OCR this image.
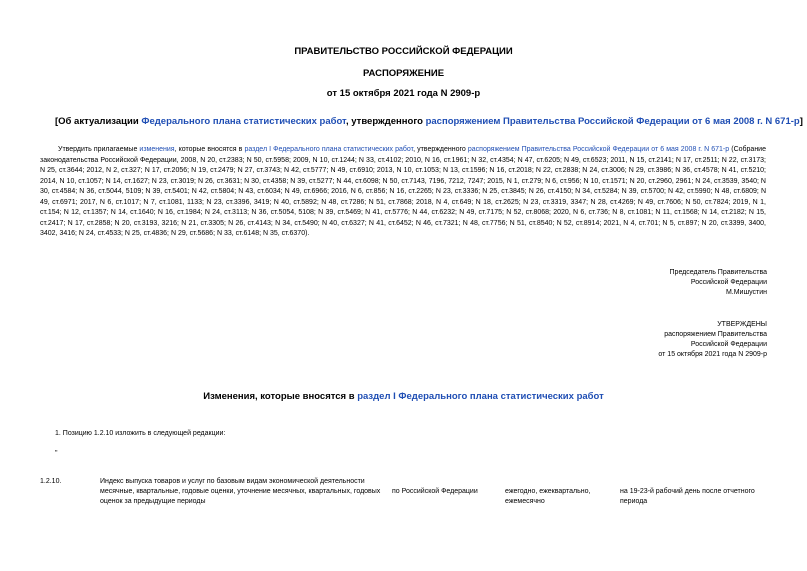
ПРАВИТЕЛЬСТВО РОССИЙСКОЙ ФЕДЕРАЦИИ
РАСПОРЯЖЕНИЕ
от 15 октября 2021 года N 2909-р
[Об актуализации Федерального плана статистических работ, утвержденного распоряжением Правительства Российской Федерации от 6 мая 2008 г. N 671-р]
Утвердить прилагаемые изменения, которые вносятся в раздел I Федерального плана статистических работ, утвержденного распоряжением Правительства Российской Федерации от 6 мая 2008 г. N 671-р (Собрание законодательства Российской Федерации, 2008, N 20, ст.2383; N 50, ст.5958; 2009, N 10, ст.1244; N 33, ст.4102; 2010, N 16, ст.1961; N 32, ст.4354; N 47, ст.6205; N 49, ст.6523; 2011, N 15, ст.2141; N 17, ст.2511; N 22, ст.3173; N 25, ст.3644; 2012, N 2, ст.327; N 17, ст.2056; N 19, ст.2479; N 27, ст.3743; N 42, ст.5777; N 49, ст.6910; 2013, N 10, ст.1053; N 13, ст.1596; N 16, ст.2018; N 22, ст.2838; N 24, ст.3006; N 29, ст.3986; N 36, ст.4578; N 41, ст.5210; 2014, N 10, ст.1057; N 14, ст.1627; N 23, ст.3019; N 26, ст.3631; N 30, ст.4358; N 39, ст.5277; N 44, ст.6098; N 50, ст.7143, 7196, 7212, 7247; 2015, N 1, ст.279; N 6, ст.956; N 10, ст.1571; N 20, ст.2960, 2961; N 24, ст.3539, 3540; N 30, ст.4584; N 36, ст.5044, 5109; N 39, ст.5401; N 42, ст.5804; N 43, ст.6034; N 49, ст.6966; 2016, N 6, ст.856; N 16, ст.2265; N 23, ст.3336; N 25, ст.3845; N 26, ст.4150; N 34, ст.5284; N 39, ст.5700; N 42, ст.5990; N 48, ст.6809; N 49, ст.6971; 2017, N 6, ст.1017; N 7, ст.1081, 1133; N 23, ст.3396, 3419; N 40, ст.5892; N 48, ст.7286; N 51, ст.7868; 2018, N 4, ст.649; N 18, ст.2625; N 23, ст.3319, 3347; N 28, ст.4269; N 49, ст.7606; N 50, ст.7824; 2019, N 1, ст.154; N 12, ст.1357; N 14, ст.1640; N 16, ст.1984; N 24, ст.3113; N 36, ст.5054, 5108; N 39, ст.5469; N 41, ст.5776; N 44, ст.6232; N 49, ст.7175; N 52, ст.8068; 2020, N 6, ст.736; N 8, ст.1081; N 11, ст.1568; N 14, ст.2182; N 15, ст.2417; N 17, ст.2858; N 20, ст.3193, 3216; N 21, ст.3305; N 26, ст.4143; N 34, ст.5490; N 40, ст.6327; N 41, ст.6452; N 46, ст.7321; N 48, ст.7756; N 51, ст.8540; N 52, ст.8914; 2021, N 4, ст.701; N 5, ст.897; N 20, ст.3399, 3400, 3402, 3416; N 24, ст.4533; N 25, ст.4836; N 29, ст.5686; N 33, ст.6148; N 35, ст.6370).
Председатель Правительства
Российской Федерации
М.Мишустин
УТВЕРЖДЕНЫ
распоряжением Правительства
Российской Федерации
от 15 октября 2021 года N 2909-р
Изменения, которые вносятся в раздел I Федерального плана статистических работ
1. Позицию 1.2.10 изложить в следующей редакции:
"
1.2.10.	Индекс выпуска товаров и услуг по базовым видам экономической деятельности
месячные, квартальные, годовые оценки, уточнение месячных, квартальных, годовых оценок за предыдущие периоды
по Российской Федерации	ежегодно, ежеквартально, ежемесячно
на 19-23-й рабочий день после отчетного периода
